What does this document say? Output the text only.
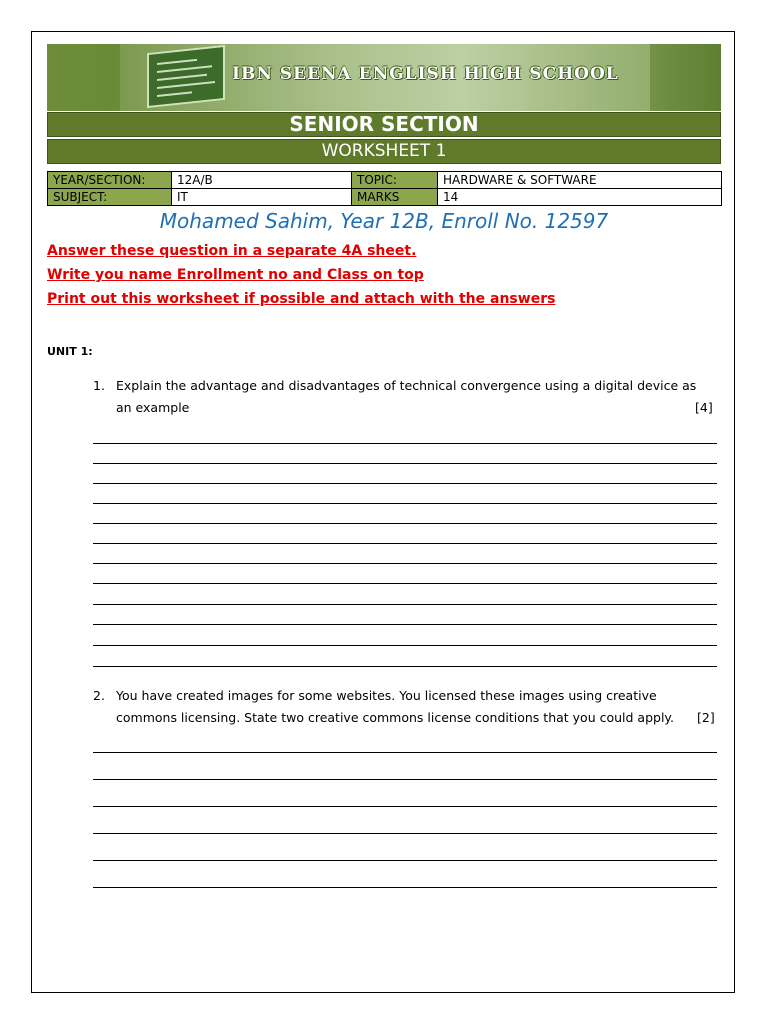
IBN SEENA ENGLISH HIGH SCHOOL
SENIOR SECTION
WORKSHEET 1
YEAR/SECTION:	12A/B	TOPIC:	HARDWARE & SOFTWARE
SUBJECT:	IT	MARKS	14
Mohamed Sahim, Year 12B, Enroll No. 12597
Answer these question in a separate 4A sheet.
Write you name Enrollment no and Class on top
Print out this worksheet if possible and attach with the answers
UNIT 1:
1. Explain the advantage and disadvantages of technical convergence using a digital device as an example	[4]
2. You have created images for some websites. You licensed these images using creative commons licensing. State two creative commons license conditions that you could apply.	[2]
